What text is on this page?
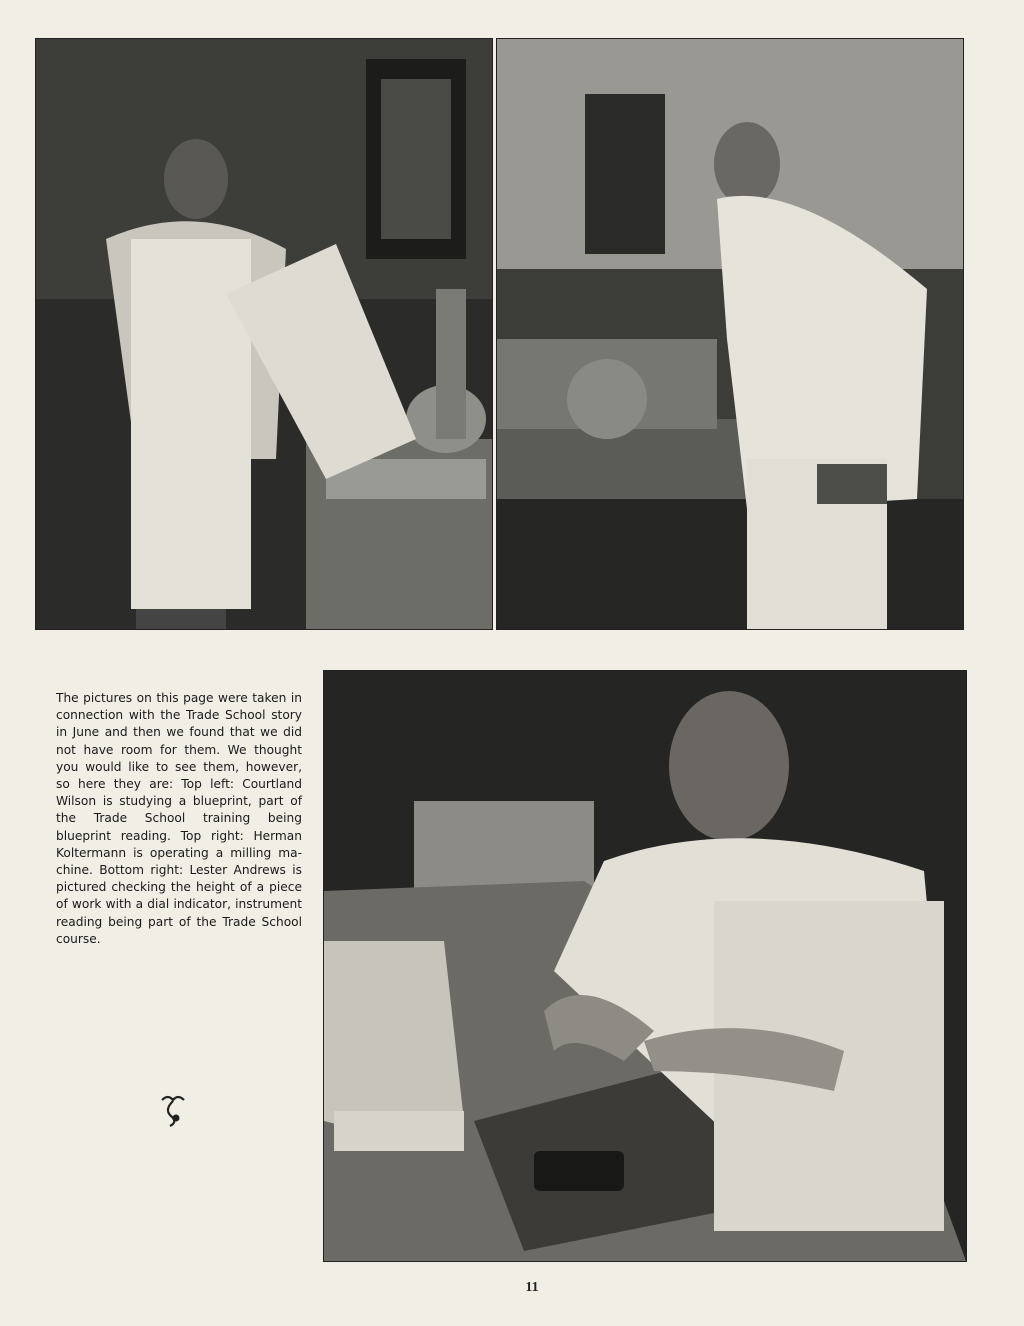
The pictures on this page were taken in connection with the Trade School story in June and then we found that we did not have room for them. We thought you would like to see them, however, so here they are: Top left: Courtland Wilson is studying a blueprint, part of the Trade School training being blueprint reading. Top right: Herman Koltermann is operating a milling machine. Bottom right: Lester Andrews is pictured checking the height of a piece of work with a dial indicator, instrument reading being part of the Trade School course.
11
